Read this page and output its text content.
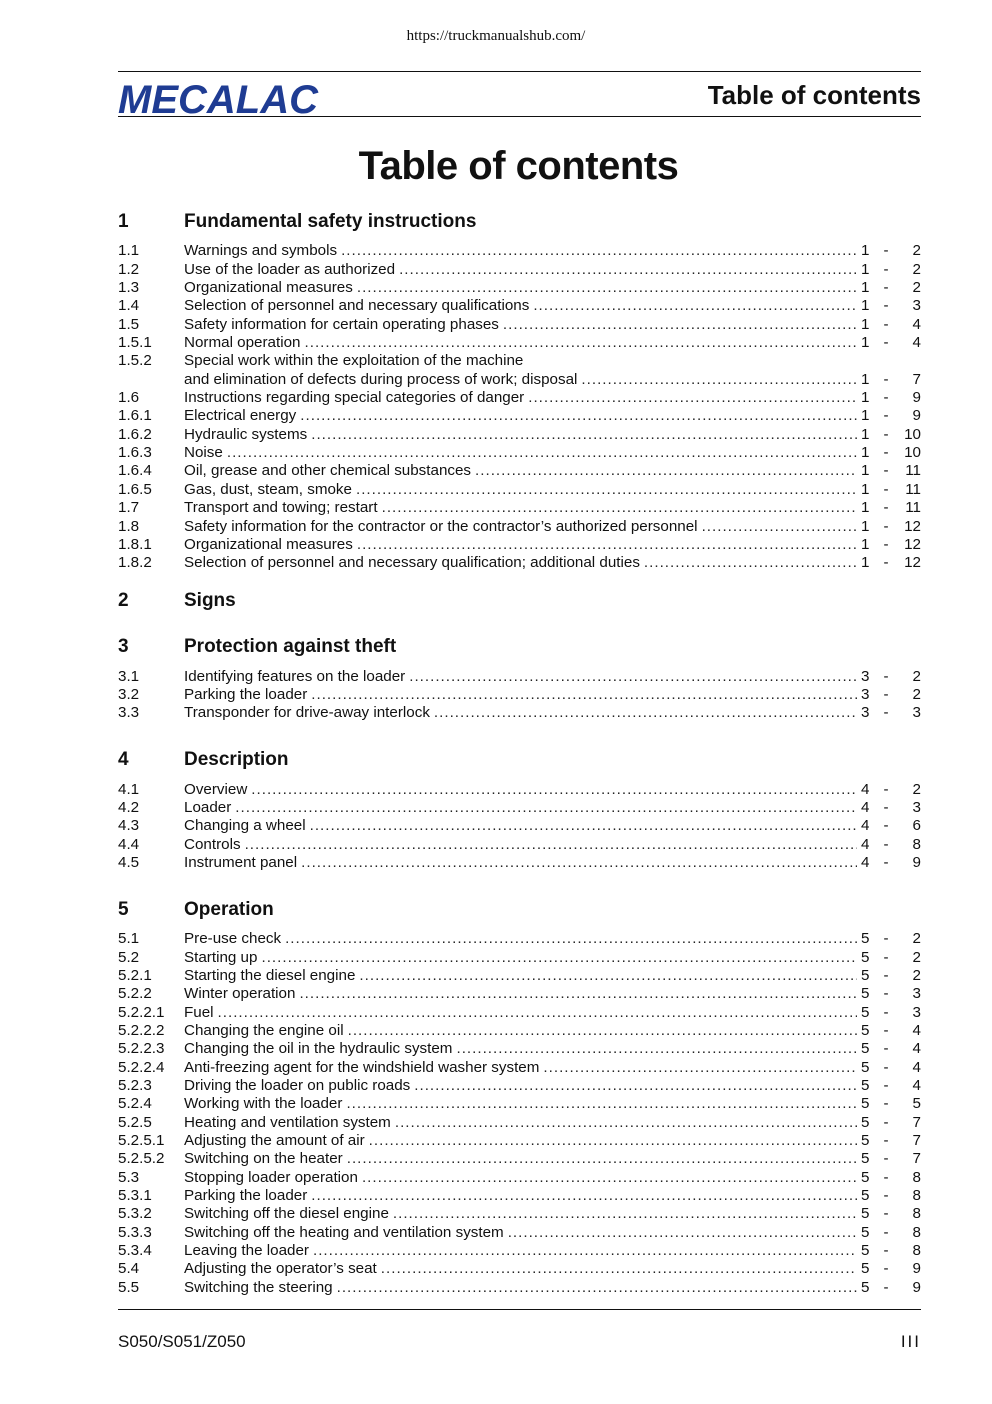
https://truckmanualshub.com/
MECALAC	Table of contents
Table of contents
1	Fundamental safety instructions
1.1	Warnings and symbols .....	1 -	2
1.2	Use of the loader as authorized .....	1 -	2
1.3	Organizational measures .....	1 -	2
1.4	Selection of personnel and necessary qualifications .....	1 -	3
1.5	Safety information for certain operating phases .....	1 -	4
1.5.1	Normal operation .....	1 -	4
1.5.2	Special work within the exploitation of the machine
and elimination of defects during process of work; disposal .....	1 -	7
1.6	Instructions regarding special categories of danger .....	1 -	9
1.6.1	Electrical energy .....	1 -	9
1.6.2	Hydraulic systems .....	1 -	10
1.6.3	Noise .....	1 -	10
1.6.4	Oil, grease and other chemical substances .....	1 -	11
1.6.5	Gas, dust, steam, smoke .....	1 -	11
1.7	Transport and towing; restart .....	1 -	11
1.8	Safety information for the contractor or the contractor’s authorized personnel .....	1 -	12
1.8.1	Organizational measures .....	1 -	12
1.8.2	Selection of personnel and necessary qualification; additional duties .....	1 -	12
2	Signs
3	Protection against theft
3.1	Identifying features on the loader .....	3 -	2
3.2	Parking the loader .....	3 -	2
3.3	Transponder for drive-away interlock .....	3 -	3
4	Description
4.1	Overview .....	4 -	2
4.2	Loader .....	4 -	3
4.3	Changing a wheel .....	4 -	6
4.4	Controls .....	4 -	8
4.5	Instrument panel .....	4 -	9
5	Operation
5.1	Pre-use check .....	5 -	2
5.2	Starting up .....	5 -	2
5.2.1	Starting the diesel engine .....	5 -	2
5.2.2	Winter operation .....	5 -	3
5.2.2.1	Fuel .....	5 -	3
5.2.2.2	Changing the engine oil .....	5 -	4
5.2.2.3	Changing the oil in the hydraulic system .....	5 -	4
5.2.2.4	Anti-freezing agent for the windshield washer system .....	5 -	4
5.2.3	Driving the loader on public roads .....	5 -	4
5.2.4	Working with the loader .....	5 -	5
5.2.5	Heating and ventilation system .....	5 -	7
5.2.5.1	Adjusting the amount of air .....	5 -	7
5.2.5.2	Switching on the heater .....	5 -	7
5.3	Stopping loader operation .....	5 -	8
5.3.1	Parking the loader .....	5 -	8
5.3.2	Switching off the diesel engine .....	5 -	8
5.3.3	Switching off the heating and ventilation system .....	5 -	8
5.3.4	Leaving the loader .....	5 -	8
5.4	Adjusting the operator’s seat .....	5 -	9
5.5	Switching the steering .....	5 -	9
S050/S051/Z050	III
